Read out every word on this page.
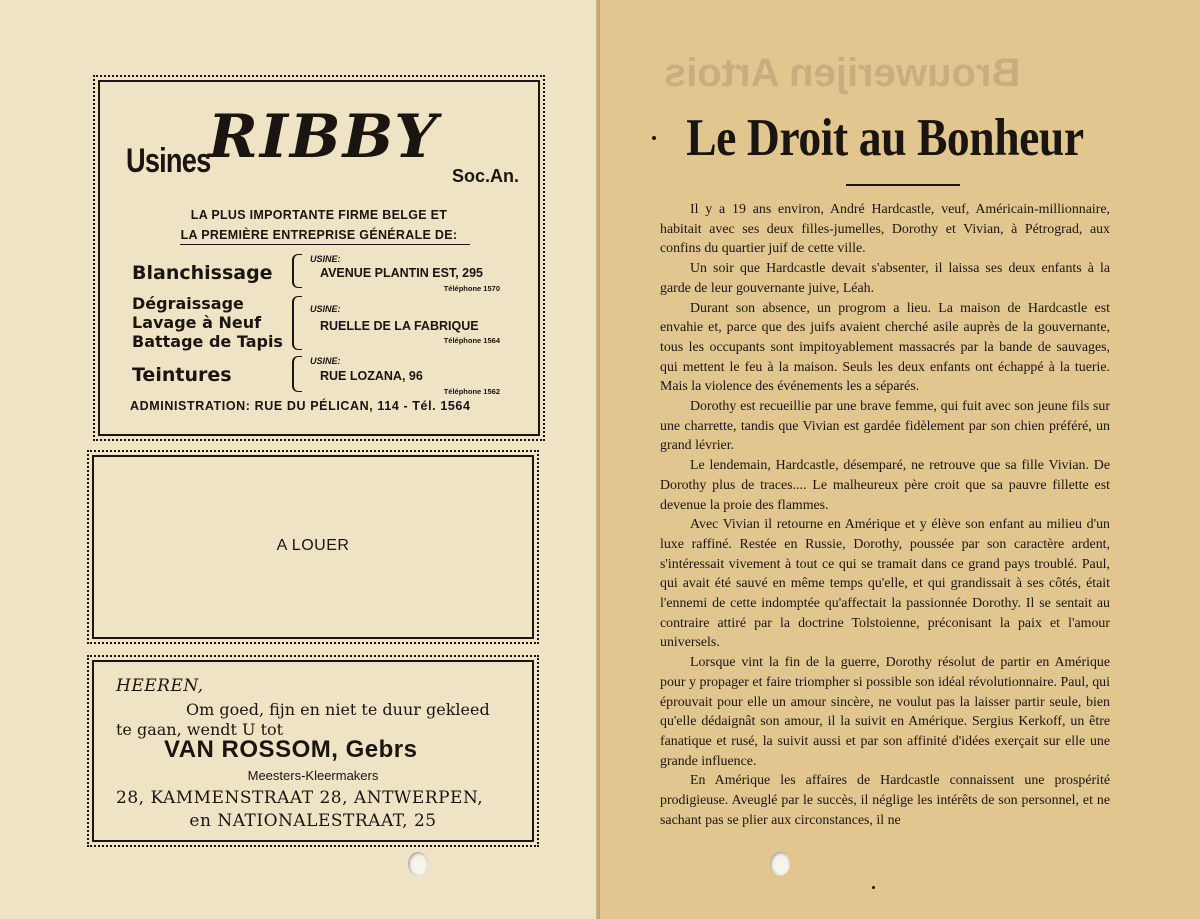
Usines
RIBBY
Soc.An.
LA PLUS IMPORTANTE FIRME BELGE ET
LA PREMIÈRE ENTREPRISE GÉNÉRALE DE:
Blanchissage
Dégraissage
Lavage à Neuf
Battage de Tapis
Teintures
USINE:
AVENUE PLANTIN EST, 295
Téléphone 1570
USINE:
RUELLE DE LA FABRIQUE
Téléphone 1564
USINE:
RUE LOZANA, 96
Téléphone 1562
ADMINISTRATION: RUE DU PÉLICAN, 114 - Tél. 1564
A LOUER
HEEREN,
Om goed, fijn en niet te duur gekleed
te gaan, wendt U tot
VAN ROSSOM, Gebrs
Meesters-Kleermakers
28, KAMMENSTRAAT 28, ANTWERPEN,
en NATIONALESTRAAT, 25
Brouwerijen Artois
Le Droit au Bonheur

Il y a 19 ans environ, André Hardcastle, veuf, Américain-millionnaire, habitait avec ses deux filles-jumelles, Dorothy et Vivian, à Pétrograd, aux confins du quartier juif de cette ville.

Un soir que Hardcastle devait s'absenter, il laissa ses deux enfants à la garde de leur gouvernante juive, Léah.

Durant son absence, un progrom a lieu. La maison de Hardcastle est envahie et, parce que des juifs avaient cherché asile auprès de la gouvernante, tous les occupants sont impitoyablement massacrés par la bande de sauvages, qui mettent le feu à la maison. Seuls les deux enfants ont échappé à la tuerie. Mais la violence des événements les a séparés.

Dorothy est recueillie par une brave femme, qui fuit avec son jeune fils sur une charrette, tandis que Vivian est gardée fidèlement par son chien préféré, un grand lévrier.

Le lendemain, Hardcastle, désemparé, ne retrouve que sa fille Vivian. De Dorothy plus de traces.... Le malheureux père croit que sa pauvre fillette est devenue la proie des flammes.

Avec Vivian il retourne en Amérique et y élève son enfant au milieu d'un luxe raffiné. Restée en Russie, Dorothy, poussée par son caractère ardent, s'intéressait vivement à tout ce qui se tramait dans ce grand pays troublé. Paul, qui avait été sauvé en même temps qu'elle, et qui grandissait à ses côtés, était l'ennemi de cette indomptée qu'affectait la passionnée Dorothy. Il se sentait au contraire attiré par la doctrine Tolstoienne, préconisant la paix et l'amour universels.

Lorsque vint la fin de la guerre, Dorothy résolut de partir en Amérique pour y propager et faire triompher si possible son idéal révolutionnaire. Paul, qui éprouvait pour elle un amour sincère, ne voulut pas la laisser partir seule, bien qu'elle dédaignât son amour, il la suivit en Amérique. Sergius Kerkoff, un être fanatique et rusé, la suivit aussi et par son affinité d'idées exerçait sur elle une grande influence.

En Amérique les affaires de Hardcastle connaissent une prospérité prodigieuse. Aveuglé par le succès, il néglige les intérêts de son personnel, et ne sachant pas se plier aux circonstances, il ne
